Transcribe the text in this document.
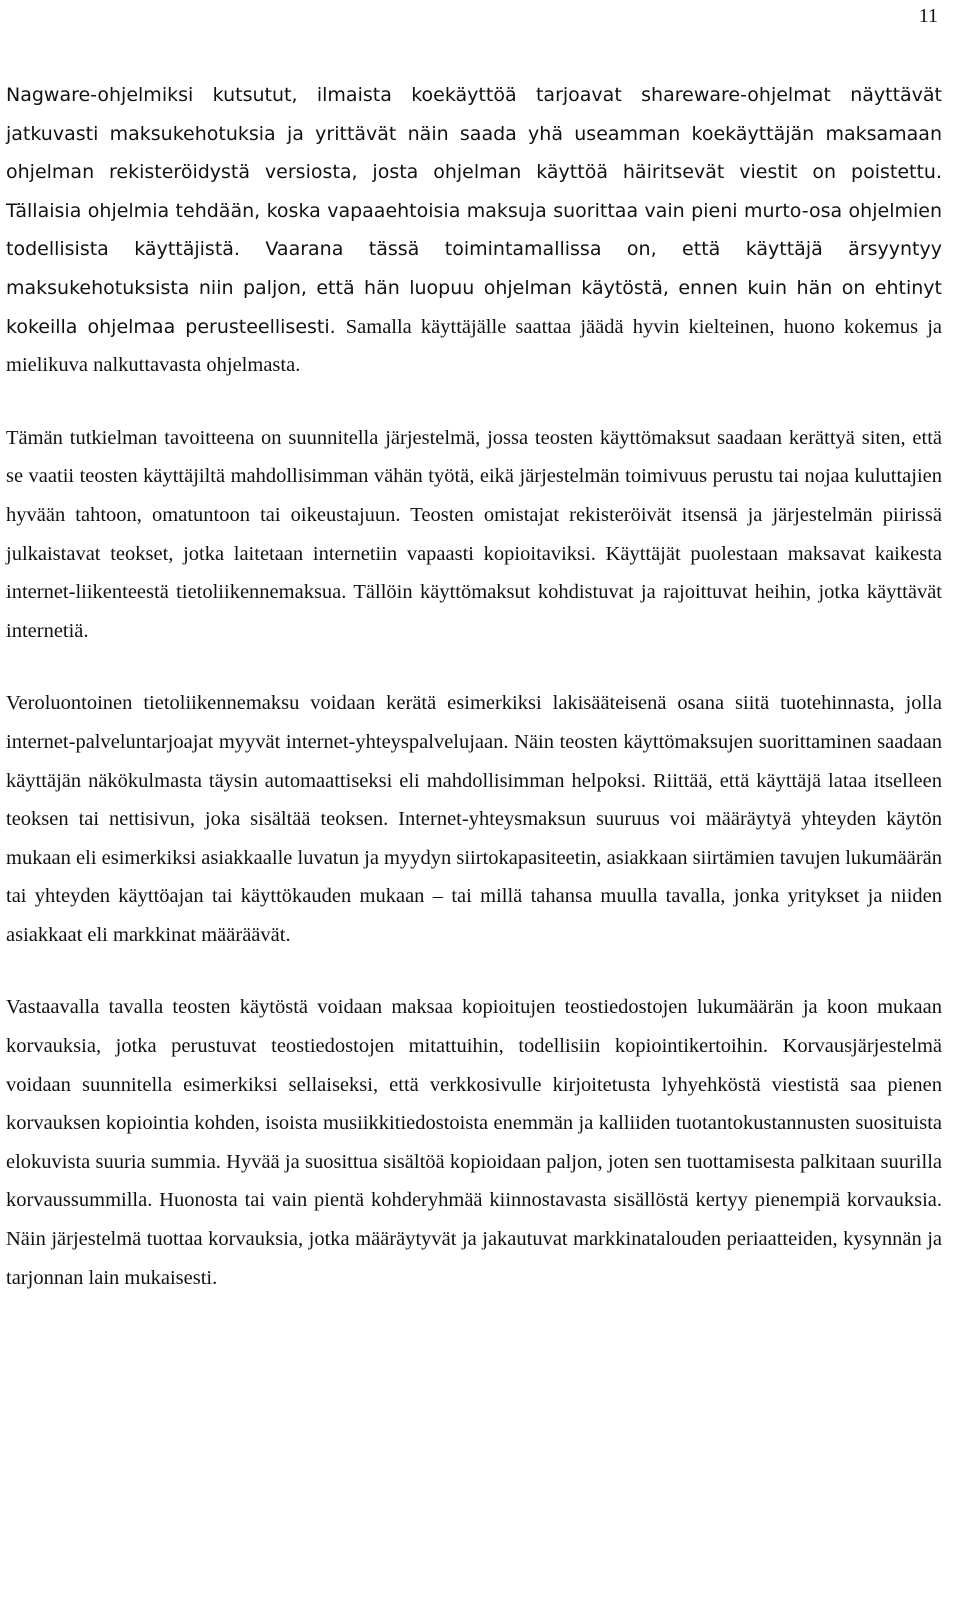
11

Nagware-ohjelmiksi kutsutut, ilmaista koekäyttöä tarjoavat shareware-ohjelmat näyttävät jatkuvasti maksukehotuksia ja yrittävät näin saada yhä useamman koekäyttäjän maksamaan ohjelman rekisteröidystä versiosta, josta ohjelman käyttöä häiritsevät viestit on poistettu. Tällaisia ohjelmia tehdään, koska vapaaehtoisia maksuja suorittaa vain pieni murto-osa ohjelmien todellisista käyttäjistä. Vaarana tässä toimintamallissa on, että käyttäjä ärsyyntyy maksukehotuksista niin paljon, että hän luopuu ohjelman käytöstä, ennen kuin hän on ehtinyt kokeilla ohjelmaa perusteellisesti. Samalla käyttäjälle saattaa jäädä hyvin kielteinen, huono kokemus ja mielikuva nalkuttavasta ohjelmasta.

Tämän tutkielman tavoitteena on suunnitella järjestelmä, jossa teosten käyttömaksut saadaan kerättyä siten, että se vaatii teosten käyttäjiltä mahdollisimman vähän työtä, eikä järjestelmän toimivuus perustu tai nojaa kuluttajien hyvään tahtoon, omatuntoon tai oikeustajuun. Teosten omistajat rekisteröivät itsensä ja järjestelmän piirissä julkaistavat teokset, jotka laitetaan internetiin vapaasti kopioitaviksi. Käyttäjät puolestaan maksavat kaikesta internet-liikenteestä tietoliikennemaksua. Tällöin käyttömaksut kohdistuvat ja rajoittuvat heihin, jotka käyttävät internetiä.

Veroluontoinen tietoliikennemaksu voidaan kerätä esimerkiksi lakisääteisenä osana siitä tuotehinnasta, jolla internet-palveluntarjoajat myyvät internet-yhteyspalvelujaan. Näin teosten käyttömaksujen suorittaminen saadaan käyttäjän näkökulmasta täysin automaattiseksi eli mahdollisimman helpoksi. Riittää, että käyttäjä lataa itselleen teoksen tai nettisivun, joka sisältää teoksen. Internet-yhteysmaksun suuruus voi määräytyä yhteyden käytön mukaan eli esimerkiksi asiakkaalle luvatun ja myydyn siirtokapasiteetin, asiakkaan siirtämien tavujen lukumäärän tai yhteyden käyttöajan tai käyttökauden mukaan – tai millä tahansa muulla tavalla, jonka yritykset ja niiden asiakkaat eli markkinat määräävät.

Vastaavalla tavalla teosten käytöstä voidaan maksaa kopioitujen teostiedostojen lukumäärän ja koon mukaan korvauksia, jotka perustuvat teostiedostojen mitattuihin, todellisiin kopiointikertoihin. Korvausjärjestelmä voidaan suunnitella esimerkiksi sellaiseksi, että verkkosivulle kirjoitetusta lyhyehköstä viestistä saa pienen korvauksen kopiointia kohden, isoista musiikkitiedostoista enemmän ja kalliiden tuotantokustannusten suosituista elokuvista suuria summia. Hyvää ja suosittua sisältöä kopioidaan paljon, joten sen tuottamisesta palkitaan suurilla korvaussummilla. Huonosta tai vain pientä kohderyhmää kiinnostavasta sisällöstä kertyy pienempiä korvauksia. Näin järjestelmä tuottaa korvauksia, jotka määräytyvät ja jakautuvat markkinatalouden periaatteiden, kysynnän ja tarjonnan lain mukaisesti.
